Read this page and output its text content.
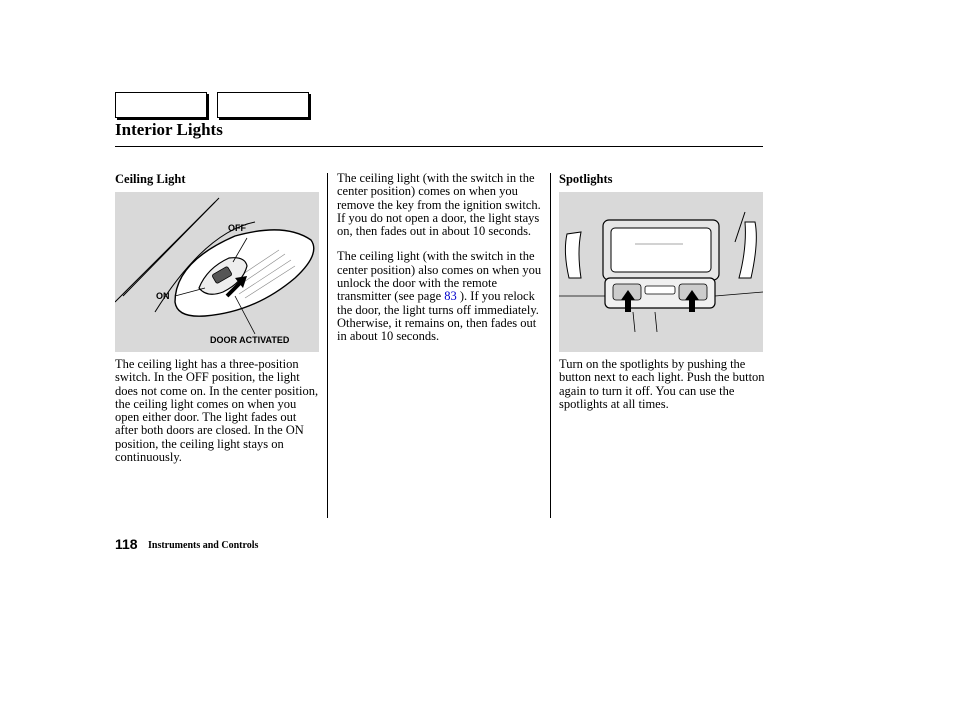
Interior Lights
Ceiling Light
OFF
ON
DOOR ACTIVATED
The ceiling light has a three-position switch. In the OFF position, the light does not come on. In the center position, the ceiling light comes on when you open either door. The light fades out after both doors are closed. In the ON position, the ceiling light stays on continuously.

The ceiling light (with the switch in the center position) comes on when you remove the key from the ignition switch. If you do not open a door, the light stays on, then fades out in about 10 seconds.

The ceiling light (with the switch in the center position) also comes on when you unlock the door with the remote transmitter (see page 83 ). If you relock the door, the light turns off immediately. Otherwise, it remains on, then fades out in about 10 seconds.

Spotlights
Turn on the spotlights by pushing the button next to each light. Push the button again to turn it off. You can use the spotlights at all times.
118 Instruments and Controls
